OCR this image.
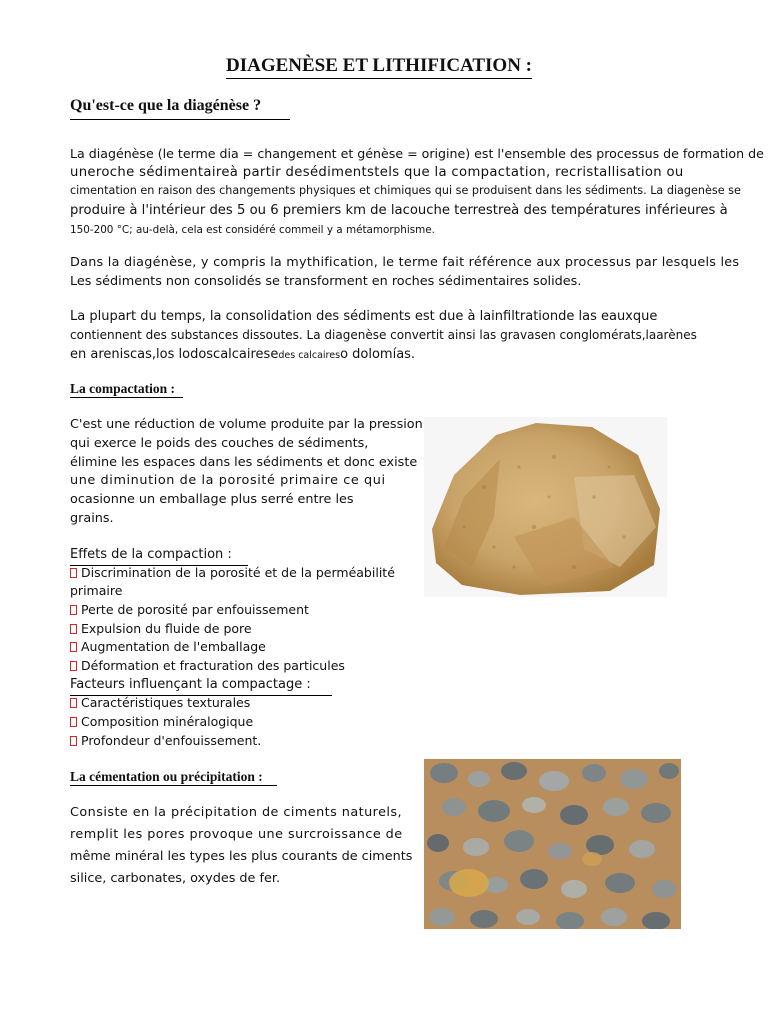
DIAGENÈSE ET LITHIFICATION :
Qu'est-ce que la diagénèse ?
La diagénèse (le terme dia = changement et génèse = origine) est l'ensemble des processus de formation de
uneroche sédimentaireà partir desédimentstels que la compactation, recristallisation ou
cimentation en raison des changements physiques et chimiques qui se produisent dans les sédiments. La diagenèse se
produire à l'intérieur des 5 ou 6 premiers km de lacouche terrestreà des températures inférieures à
150-200 °C; au-delà, cela est considéré commeil y a métamorphisme.
Dans la diagénèse, y compris la mythification, le terme fait référence aux processus par lesquels les
Les sédiments non consolidés se transforment en roches sédimentaires solides.
La plupart du temps, la consolidation des sédiments est due à lainfiltrationde las eauxque
contiennent des substances dissoutes. La diagenèse convertit ainsi las gravasen conglomérats,laarènes
en areniscas,los lodoscalcairesedes calcaireso dolomías.
La compactation :
C'est une réduction de volume produite par la pression
qui exerce le poids des couches de sédiments,
élimine les espaces dans les sédiments et donc existe
une diminution de la porosité primaire ce qui
ocasionne un emballage plus serré entre les
grains.
Effets de la compaction :
Discrimination de la porosité et de la perméabilité
primaire
Perte de porosité par enfouissement
Expulsion du fluide de pore
Augmentation de l'emballage
Déformation et fracturation des particules
Facteurs influençant la compactage :
Caractéristiques texturales
Composition minéralogique
Profondeur d'enfouissement.
La cémentation ou précipitation :
Consiste en la précipitation de ciments naturels,
remplit les pores provoque une surcroissance de
même minéral les types les plus courants de ciments
silice, carbonates, oxydes de fer.
